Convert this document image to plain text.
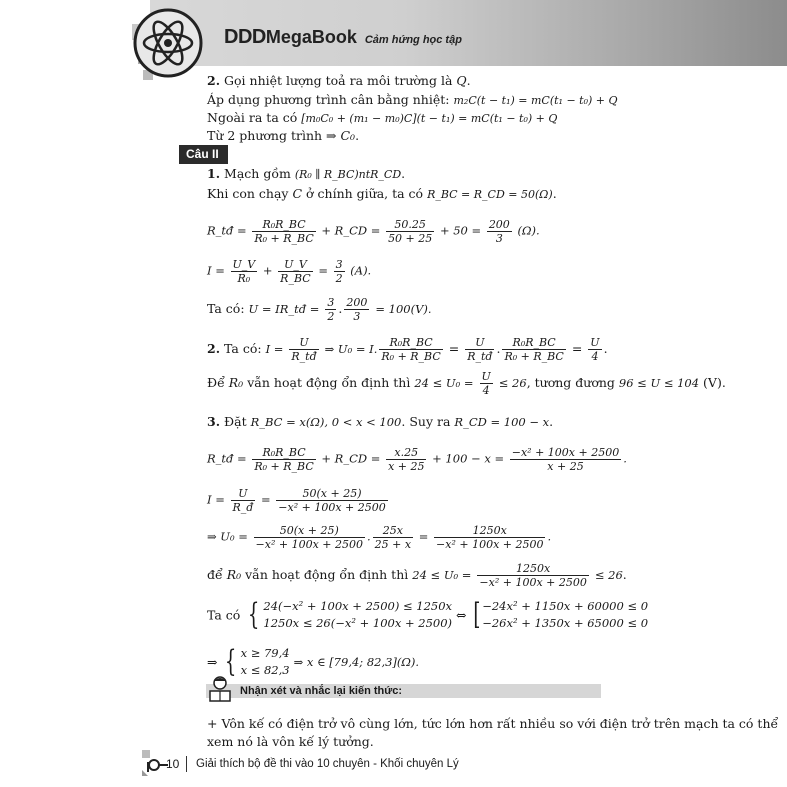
DDD MegaBook Cảm hứng học tập
2. Gọi nhiệt lượng toả ra môi trường là Q.
Áp dụng phương trình cân bằng nhiệt: m₂C(t − t₁) = mC(t₁ − t₀) + Q
Ngoài ra ta có [m₀C₀ + (m₁ − m₀)C](t − t₁) = mC(t₁ − t₀) + Q
Từ 2 phương trình ⇒ C₀.
Câu II
1. Mạch gồm (R₀ ∥ R_BC)ntR_CD.
Khi con chạy C ở chính giữa, ta có R_BC = R_CD = 50(Ω).
R_tđ = $\frac{\text{R₀R\_BC}}{\text{R₀ + R\_BC}}$ + R_CD = $\frac{50.25}{50 + 25} + 50 = \frac{200}{3} (\Omega)$.
$I = \frac{U\_V}{\text{R₀}} + \frac{U\_V}{R\_BC} = \frac{3}{2} (A)$.
Ta có: U = IR_tđ = $\frac{3}{2}$ . $\frac{200}{3} = 100(V)$.
2. Ta có: $I = \frac{U}{R\_tđ}$ ⇒ U₀ = I. $\frac{\text{R₀R\_BC}}{\text{R₀ + R\_BC}} = \frac{U}{R\_tđ}$ . $\frac{\text{R₀R\_BC}}{\text{R₀ + R\_BC}} = \frac{U}{4}$ .
Để R₀ vẫn hoạt động ổn định thì $24 \le U_0 = \frac{U}{4} \le 26$, tương đương 96 ≤ U ≤ 104 (V).
3. Đặt R_BC = x(Ω), 0 < x < 100. Suy ra R_CD = 100 − x.
R_tđ = $\frac{\text{R₀R\_BC}}{\text{R₀ + R\_BC}}$ + R_CD = $\frac{x.25}{x + 25} + 100 - x = \frac{\text{−x² + 100x + 2500}}{x + 25}$ .
$I = \frac{U}{R\_đ} = \frac{50(x + 25)}{\text{−x² + 100x + 2500}}$
⇒ $U_0 = \frac{50(x + 25)}{\text{−x² + 100x + 2500}}$ . $\frac{25x}{25 + x} = \frac{1250x}{\text{−x² + 100x + 2500}}$ .
để R₀ vẫn hoạt động ổn định thì $24 \le U_0 = \frac{1250x}{\text{−x² + 100x + 2500}} \le 26$.
Ta có { 24(−x² + 100x + 2500) ≤ 1250x
1250x ≤ 26(−x² + 100x + 2500)
⇔ [ −24x² + 1150x + 60000 ≤ 0
−26x² + 1350x + 65000 ≤ 0
⇒ { x ≥ 79,4
x ≤ 82,3
⇒ x ∈ [79,4; 82,3](Ω).
Nhận xét và nhắc lại kiến thức:
+ Vôn kế có điện trở vô cùng lớn, tức lớn hơn rất nhiều so với điện trở trên mạch ta có thể
xem nó là vôn kế lý tưởng.
10 Giải thích bộ đề thi vào 10 chuyên - Khối chuyên Lý
